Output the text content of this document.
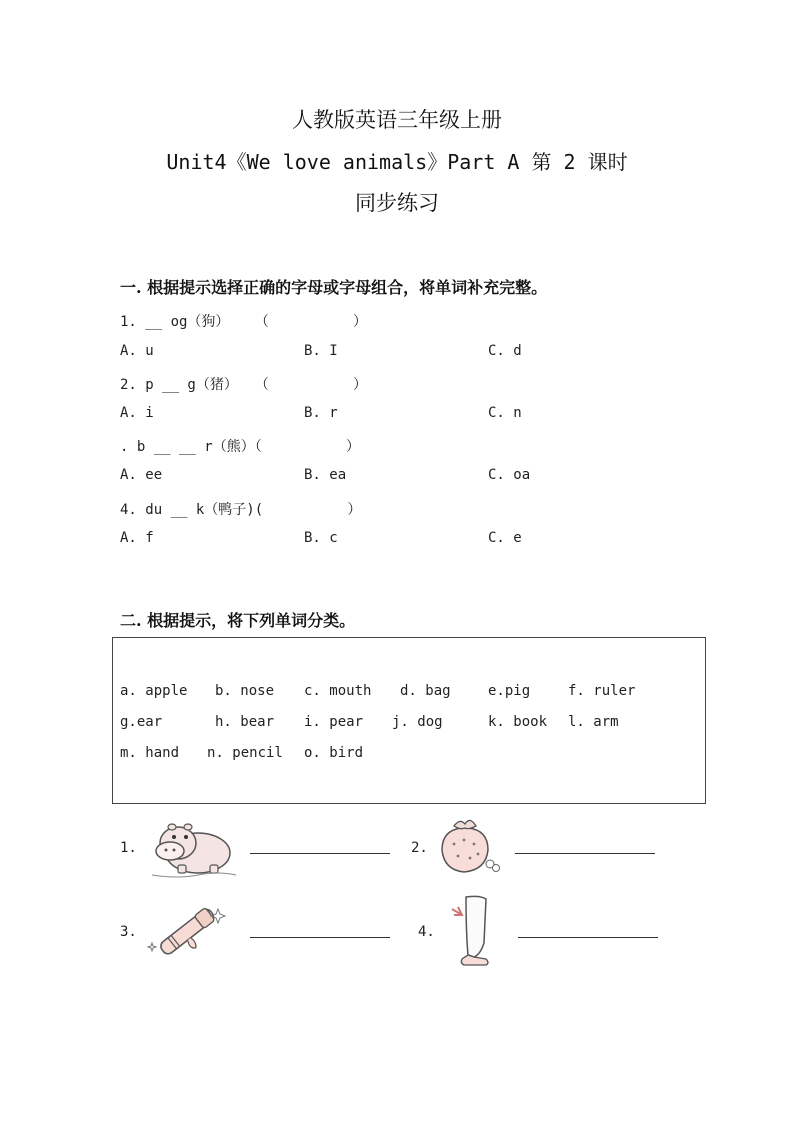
人教版英语三年级上册
Unit4《We love animals》Part A 第 2 课时
同步练习
一. 根据提示选择正确的字母或字母组合，将单词补充完整。
1. __ og（狗）   （          ）
A. u	B. I	C. d
2. p __ g（猪）  （          ）
A. i	B. r	C. n
. b __ __ r（熊）（          ）
A. ee	B. ea	C. oa
4. du __ k（鸭子)(          ）
A. f	B. c	C. e
二. 根据提示，将下列单词分类。
a. apple b. nose c. mouth d. bag	e.pig	f. ruler
g.ear	h. bear i. pear j. dog	k. book l. arm
m. hand n. pencil o. bird
1.	2.
3.	4.
